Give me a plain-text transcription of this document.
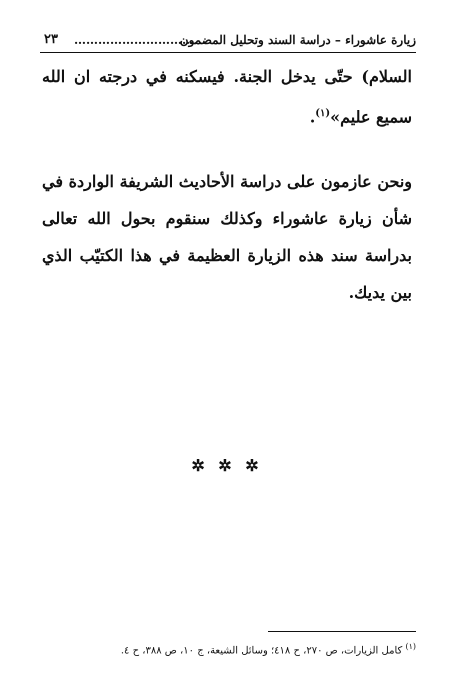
زيارة عاشوراء – دراسة السند وتحليل المضمون
……………………………
٢٣

السلام) حتّى يدخل الجنة. فيسكنه في درجته ان الله سميع عليم»$^{(١)}$.

ونحن عازمون على دراسة الأحاديث الشريفة الواردة في شأن زيارة عاشوراء وكذلك سنقوم بحول الله تعالى بدراسة سند هذه الزيارة العظيمة في هذا الكتيّب الذي بين يديك.

✲ ✲ ✲
$^{(١)}$ كامل الزيارات، ص ٢٧٠، ح ٤١٨؛ وسائل الشيعة، ج ١٠، ص ٣٨٨، ح ٤.
